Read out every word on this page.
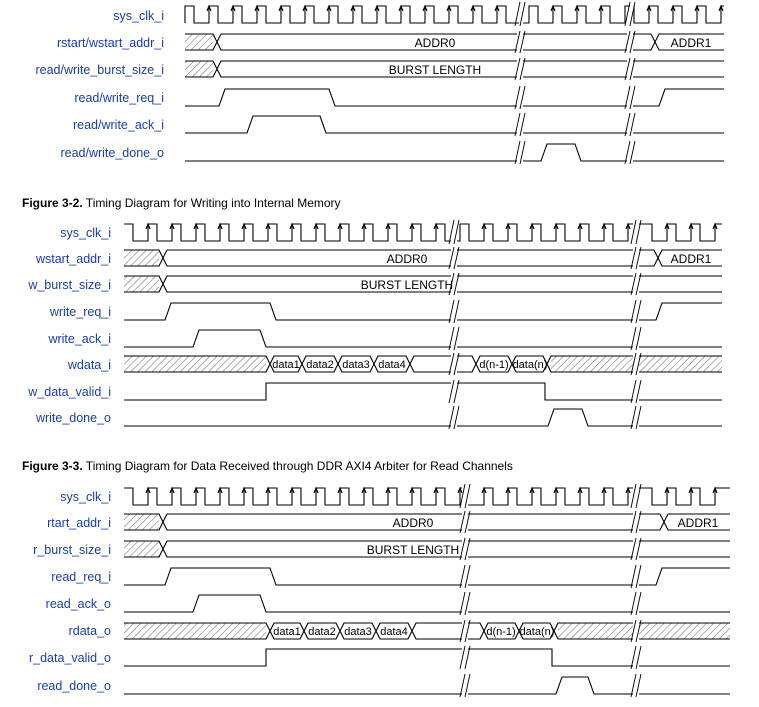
sys_clk_i
rstart/wstart_addr_i
read/write_burst_size_i
read/write_req_i
read/write_ack_i
read/write_done_o
ADDR0	ADDR1
BURST LENGTH
Figure 3-2. Timing Diagram for Writing into Internal Memory
sys_clk_i
wstart_addr_i
w_burst_size_i
write_req_i
write_ack_i
wdata_i
w_data_valid_i
write_done_o
ADDR0	ADDR1
BURST LENGTH
data1 data2 data3 data4	d(n-1) data(n)
Figure 3-3. Timing Diagram for Data Received through DDR AXI4 Arbiter for Read Channels
sys_clk_i
rtart_addr_i
r_burst_size_i
read_req_i
read_ack_o
rdata_o
r_data_valid_o
read_done_o
ADDR0	ADDR1
BURST LENGTH
data1 data2 data3 data4	d(n-1) data(n)
